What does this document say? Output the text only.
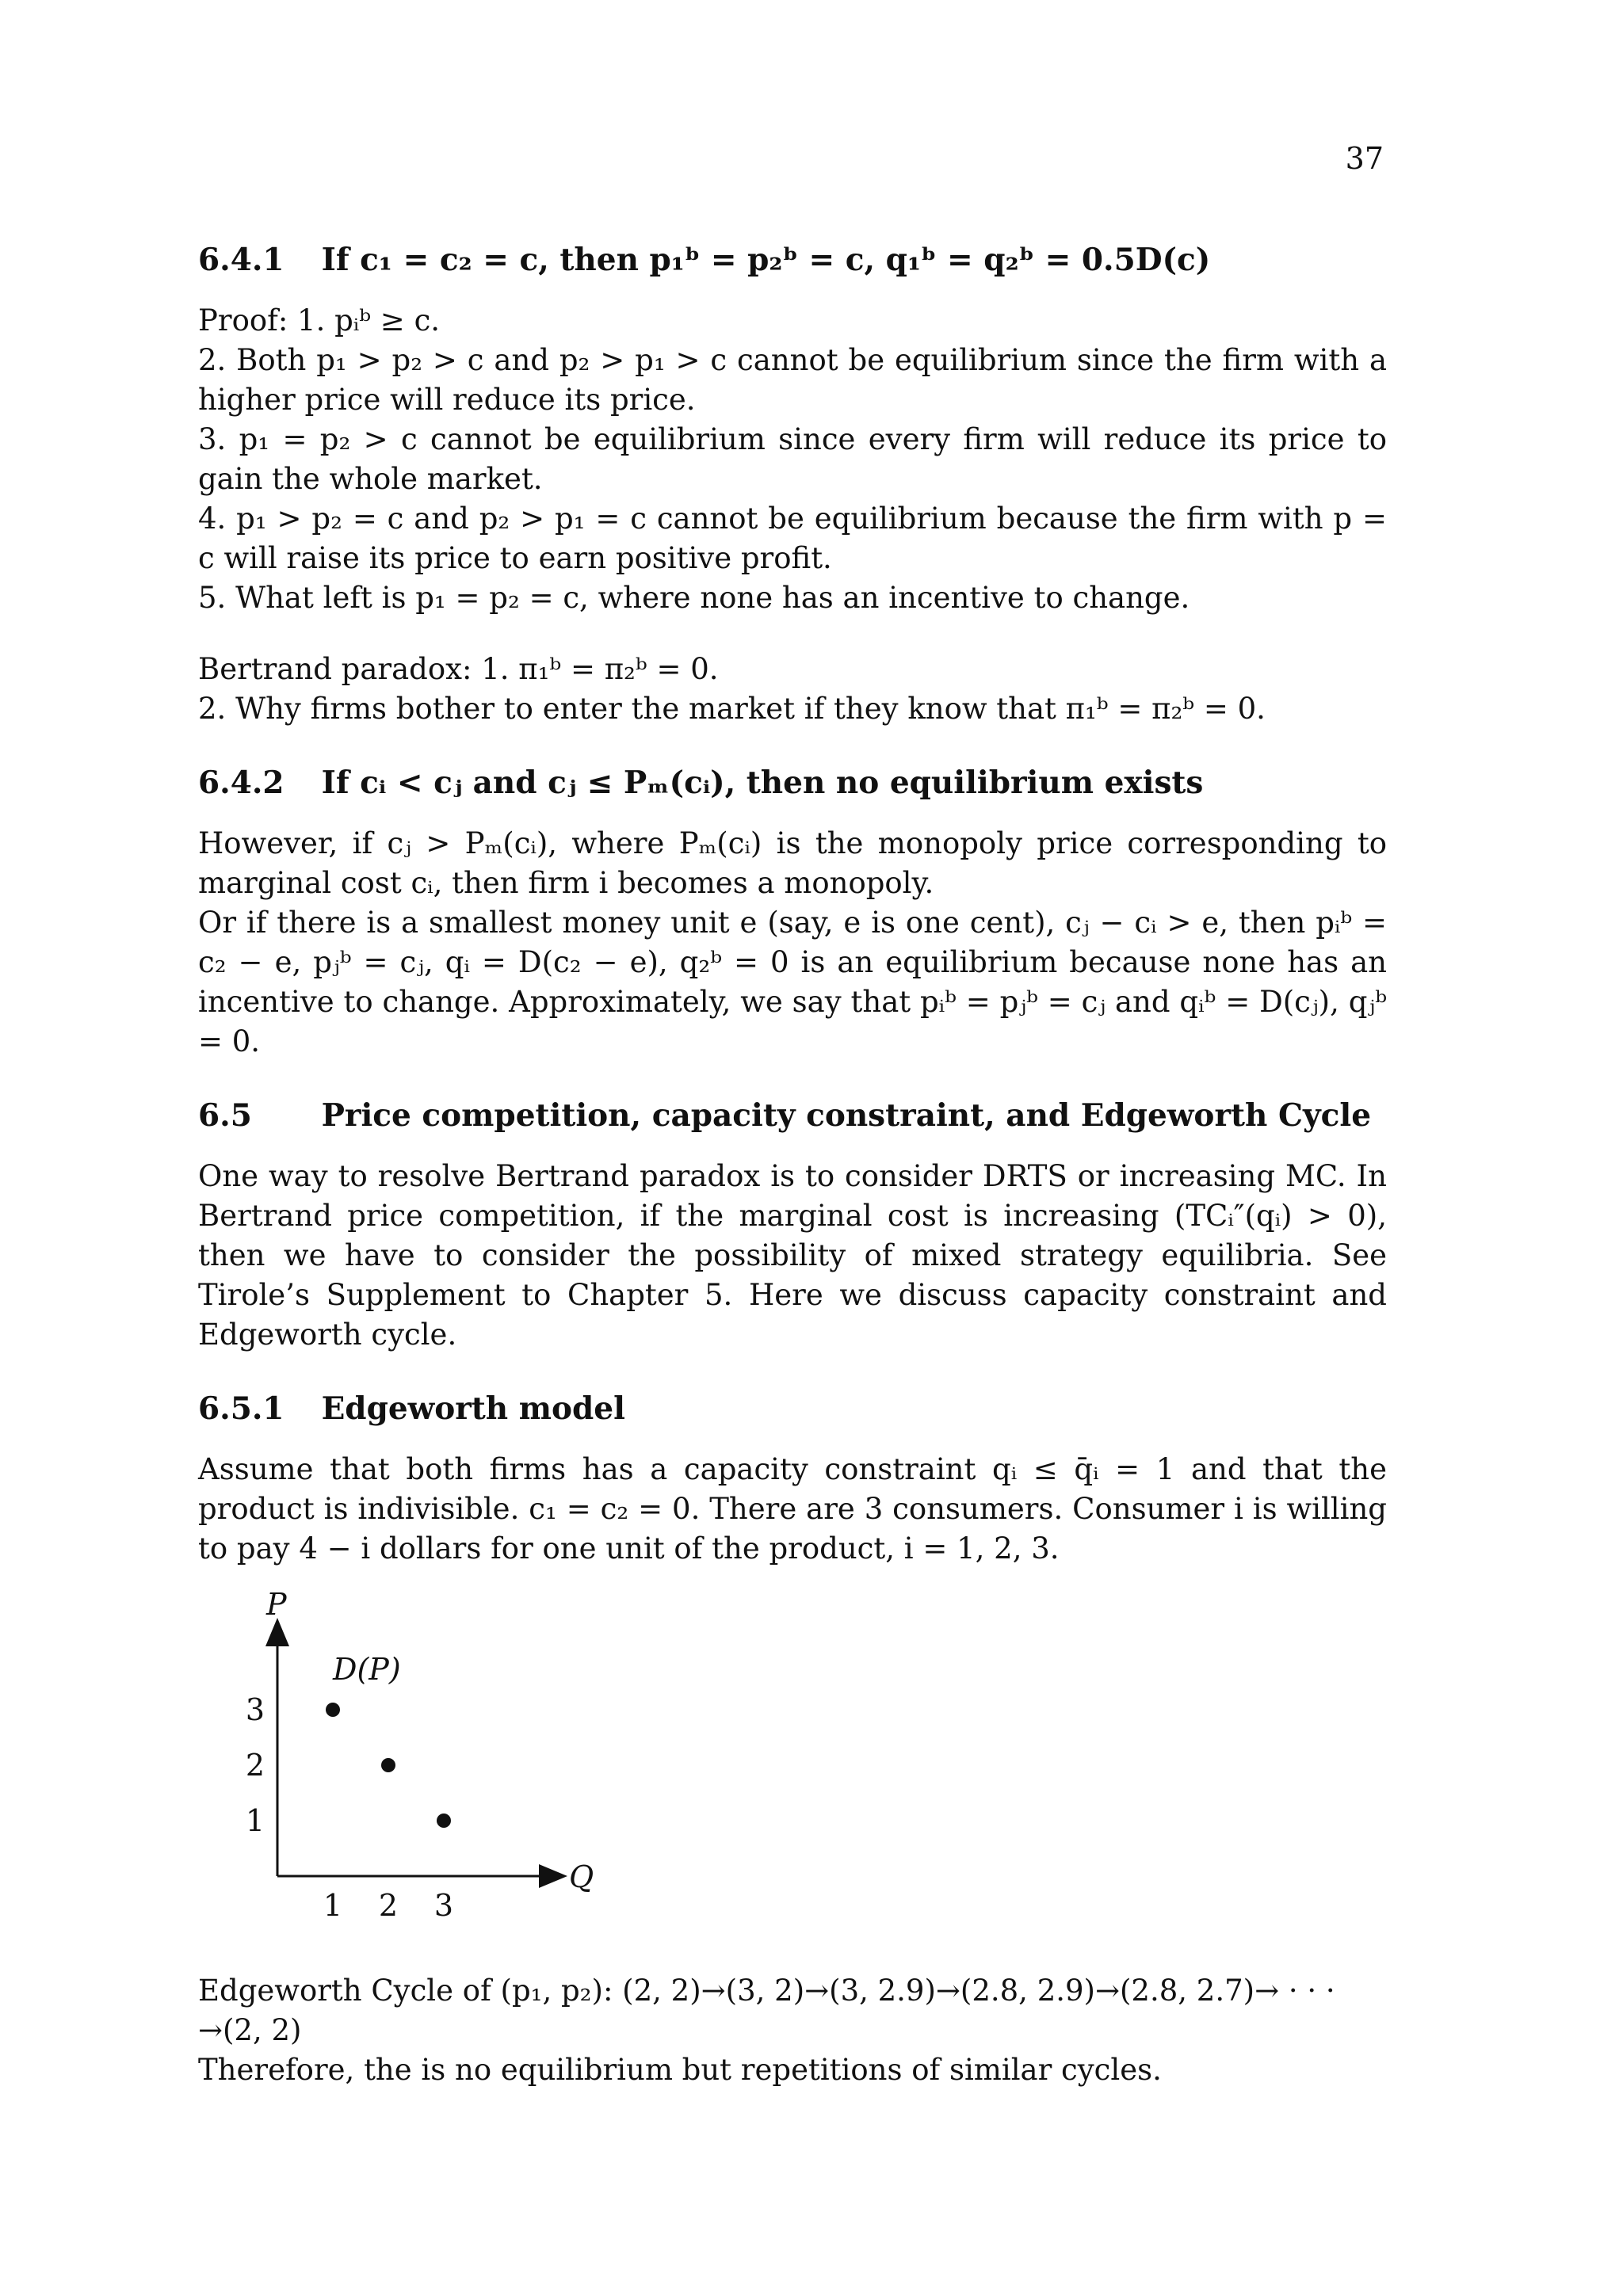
37
6.4.1 If c₁ = c₂ = c, then p₁ᵇ = p₂ᵇ = c, q₁ᵇ = q₂ᵇ = 0.5D(c)

Proof: 1. pᵢᵇ ≥ c.

2. Both p₁ > p₂ > c and p₂ > p₁ > c cannot be equilibrium since the firm with a higher price will reduce its price.

3. p₁ = p₂ > c cannot be equilibrium since every firm will reduce its price to gain the whole market.

4. p₁ > p₂ = c and p₂ > p₁ = c cannot be equilibrium because the firm with p = c will raise its price to earn positive profit.

5. What left is p₁ = p₂ = c, where none has an incentive to change.

Bertrand paradox: 1. π₁ᵇ = π₂ᵇ = 0.

2. Why firms bother to enter the market if they know that π₁ᵇ = π₂ᵇ = 0.

6.4.2 If cᵢ < cⱼ and cⱼ ≤ Pₘ(cᵢ), then no equilibrium exists

However, if cⱼ > Pₘ(cᵢ), where Pₘ(cᵢ) is the monopoly price corresponding to marginal cost cᵢ, then firm i becomes a monopoly.

Or if there is a smallest money unit e (say, e is one cent), cⱼ − cᵢ > e, then pᵢᵇ = c₂ − e, pⱼᵇ = cⱼ, qᵢ = D(c₂ − e), q₂ᵇ = 0 is an equilibrium because none has an incentive to change. Approximately, we say that pᵢᵇ = pⱼᵇ = cⱼ and qᵢᵇ = D(cⱼ), qⱼᵇ = 0.

6.5 Price competition, capacity constraint, and Edgeworth Cycle

One way to resolve Bertrand paradox is to consider DRTS or increasing MC. In Bertrand price competition, if the marginal cost is increasing (TCᵢ″(qᵢ) > 0), then we have to consider the possibility of mixed strategy equilibria. See Tirole’s Supplement to Chapter 5. Here we discuss capacity constraint and Edgeworth cycle.

6.5.1 Edgeworth model

Assume that both firms has a capacity constraint qᵢ ≤ q̄ᵢ = 1 and that the product is indivisible. c₁ = c₂ = 0. There are 3 consumers. Consumer i is willing to pay 4 − i dollars for one unit of the product, i = 1, 2, 3.

P
Q
D(P)
1 2 3
3
2
1

Edgeworth Cycle of (p₁, p₂): (2, 2)→(3, 2)→(3, 2.9)→(2.8, 2.9)→(2.8, 2.7)→ · · · →(2, 2)

Therefore, the is no equilibrium but repetitions of similar cycles.
